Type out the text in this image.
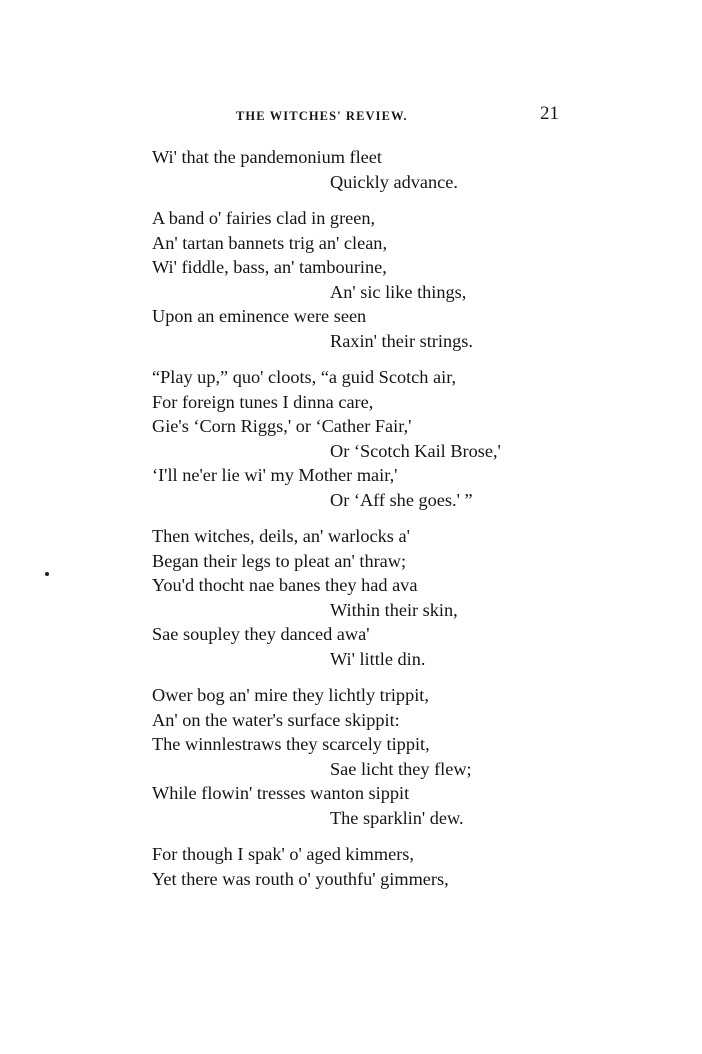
THE WITCHES' REVIEW.	21
Wi' that the pandemonium fleet
Quickly advance.
A band o' fairies clad in green,
An' tartan bannets trig an' clean,
Wi' fiddle, bass, an' tambourine,
An' sic like things,
Upon an eminence were seen
Raxin' their strings.
“Play up,” quo' cloots, “a guid Scotch air,
For foreign tunes I dinna care,
Gie's ‘Corn Riggs,' or ‘Cather Fair,'
Or ‘Scotch Kail Brose,'
‘I'll ne'er lie wi' my Mother mair,'
Or ‘Aff she goes.' ”
Then witches, deils, an' warlocks a'
Began their legs to pleat an' thraw;
You'd thocht nae banes they had ava
Within their skin,
Sae soupley they danced awa'
Wi' little din.
Ower bog an' mire they lichtly trippit,
An' on the water's surface skippit:
The winnlestraws they scarcely tippit,
Sae licht they flew;
While flowin' tresses wanton sippit
The sparklin' dew.
For though I spak' o' aged kimmers,
Yet there was routh o' youthfu' gimmers,
